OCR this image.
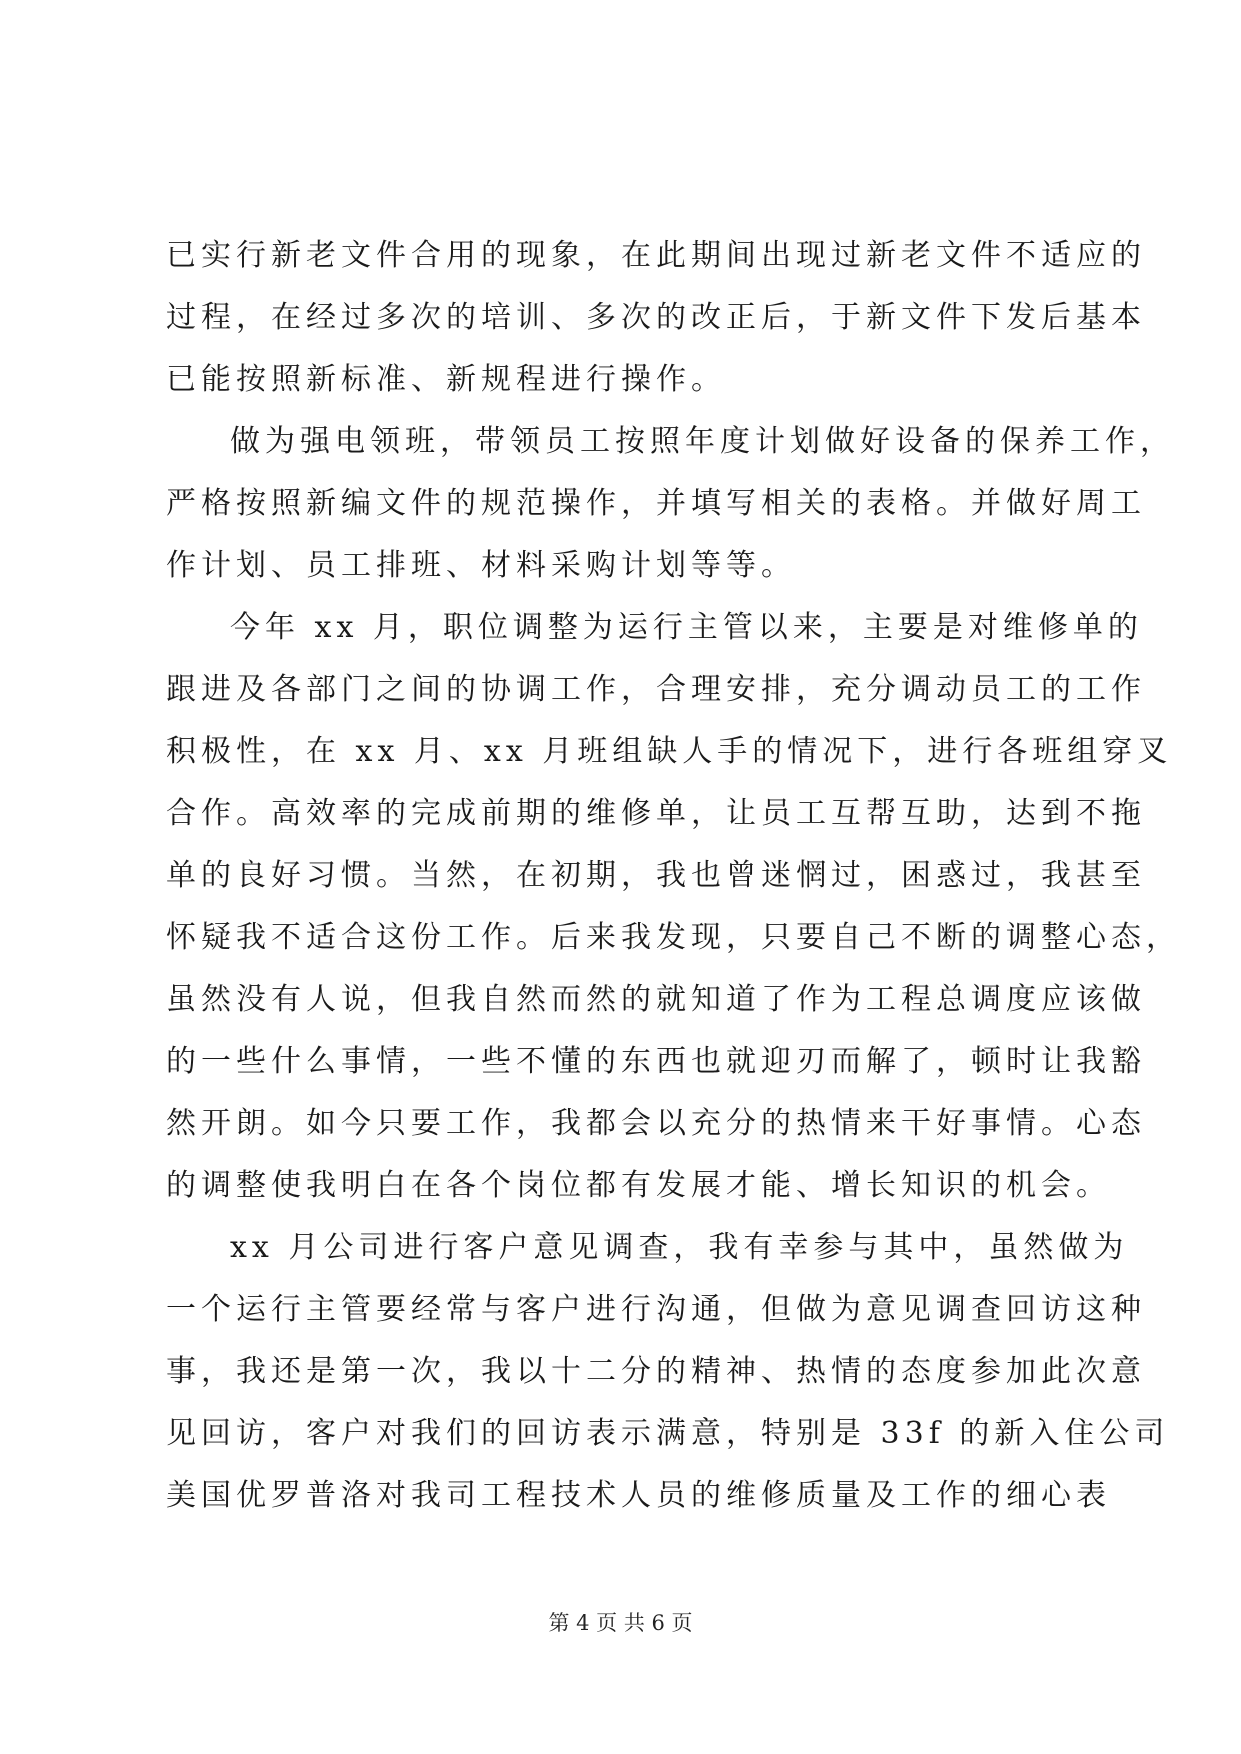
已实行新老文件合用的现象，在此期间出现过新老文件不适应的
过程，在经过多次的培训、多次的改正后，于新文件下发后基本
已能按照新标准、新规程进行操作。
做为强电领班，带领员工按照年度计划做好设备的保养工作，
严格按照新编文件的规范操作，并填写相关的表格。并做好周工
作计划、员工排班、材料采购计划等等。
今年 xx 月，职位调整为运行主管以来，主要是对维修单的
跟进及各部门之间的协调工作，合理安排，充分调动员工的工作
积极性，在 xx 月、xx 月班组缺人手的情况下，进行各班组穿叉
合作。高效率的完成前期的维修单，让员工互帮互助，达到不拖
单的良好习惯。当然，在初期，我也曾迷惘过，困惑过，我甚至
怀疑我不适合这份工作。后来我发现，只要自己不断的调整心态，
虽然没有人说，但我自然而然的就知道了作为工程总调度应该做
的一些什么事情，一些不懂的东西也就迎刃而解了，顿时让我豁
然开朗。如今只要工作，我都会以充分的热情来干好事情。心态
的调整使我明白在各个岗位都有发展才能、增长知识的机会。
xx 月公司进行客户意见调查，我有幸参与其中，虽然做为
一个运行主管要经常与客户进行沟通，但做为意见调查回访这种
事，我还是第一次，我以十二分的精神、热情的态度参加此次意
见回访，客户对我们的回访表示满意，特别是 33f 的新入住公司
美国优罗普洛对我司工程技术人员的维修质量及工作的细心表
第 4 页 共 6 页
